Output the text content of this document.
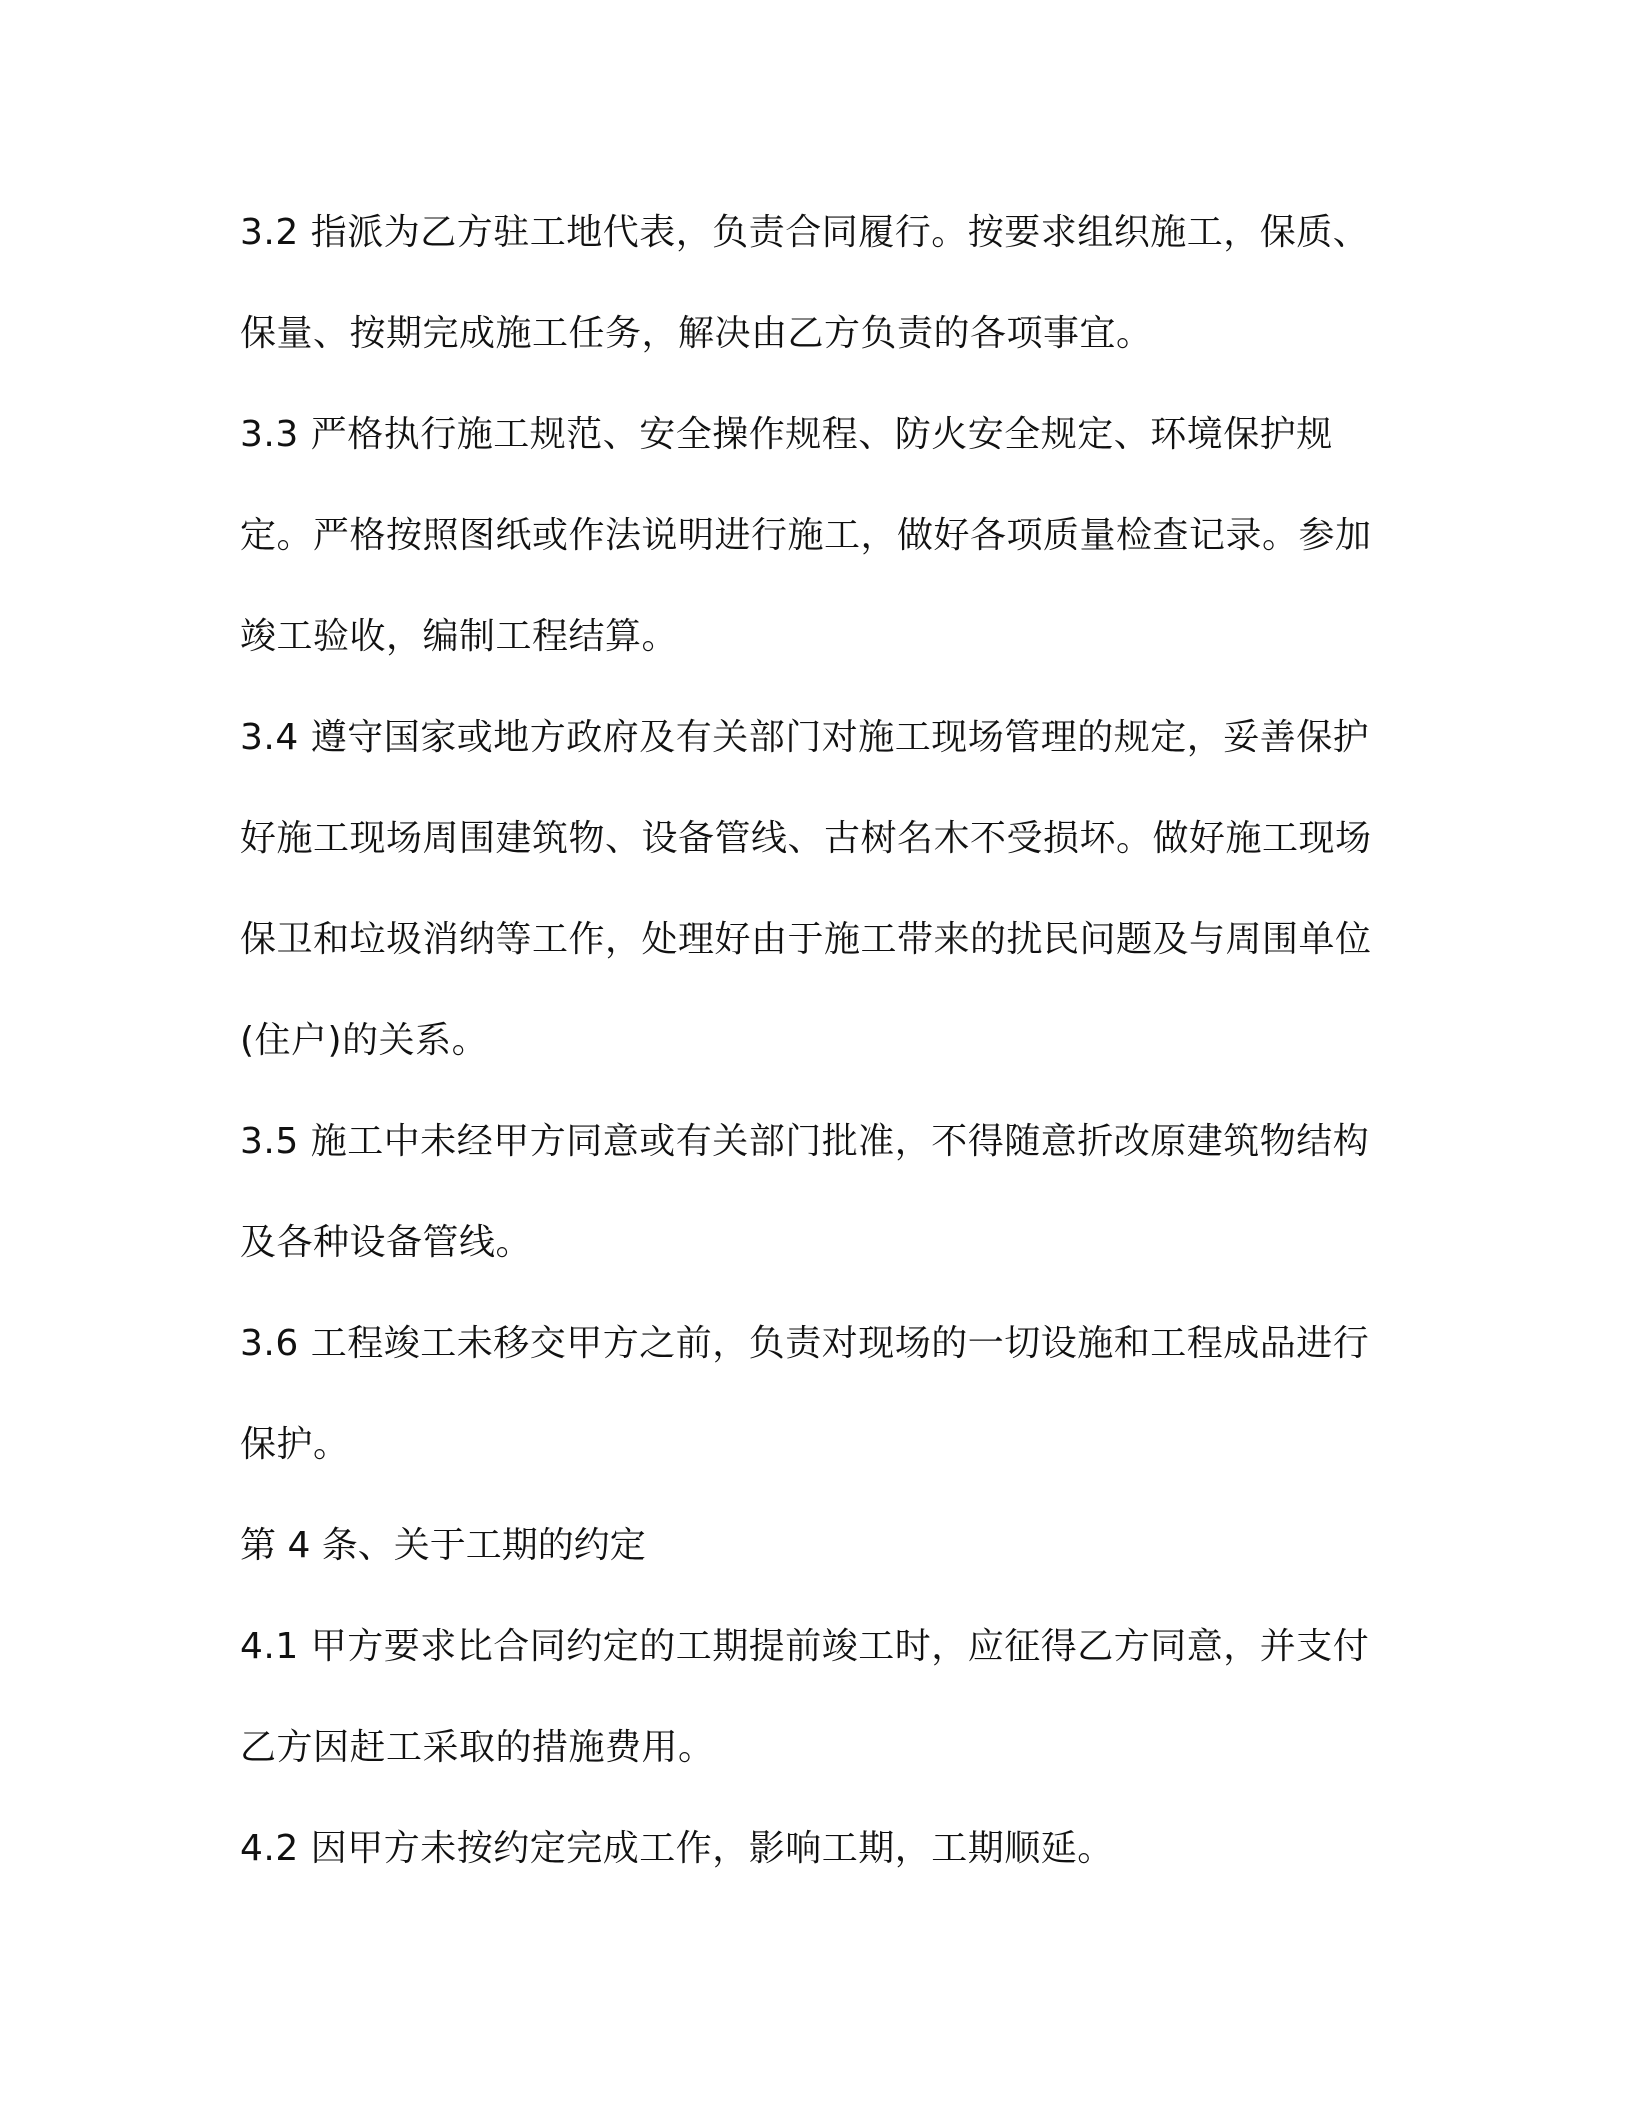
3.2 指派为乙方驻工地代表，负责合同履行。按要求组织施工，保质、保量、按期完成施工任务，解决由乙方负责的各项事宜。

3.3 严格执行施工规范、安全操作规程、防火安全规定、环境保护规定。严格按照图纸或作法说明进行施工，做好各项质量检查记录。参加竣工验收，编制工程结算。

3.4 遵守国家或地方政府及有关部门对施工现场管理的规定，妥善保护好施工现场周围建筑物、设备管线、古树名木不受损坏。做好施工现场保卫和垃圾消纳等工作，处理好由于施工带来的扰民问题及与周围单位(住户)的关系。

3.5 施工中未经甲方同意或有关部门批准，不得随意折改原建筑物结构及各种设备管线。

3.6 工程竣工未移交甲方之前，负责对现场的一切设施和工程成品进行保护。

第 4 条、关于工期的约定

4.1 甲方要求比合同约定的工期提前竣工时，应征得乙方同意，并支付乙方因赶工采取的措施费用。

4.2 因甲方未按约定完成工作，影响工期，工期顺延。
